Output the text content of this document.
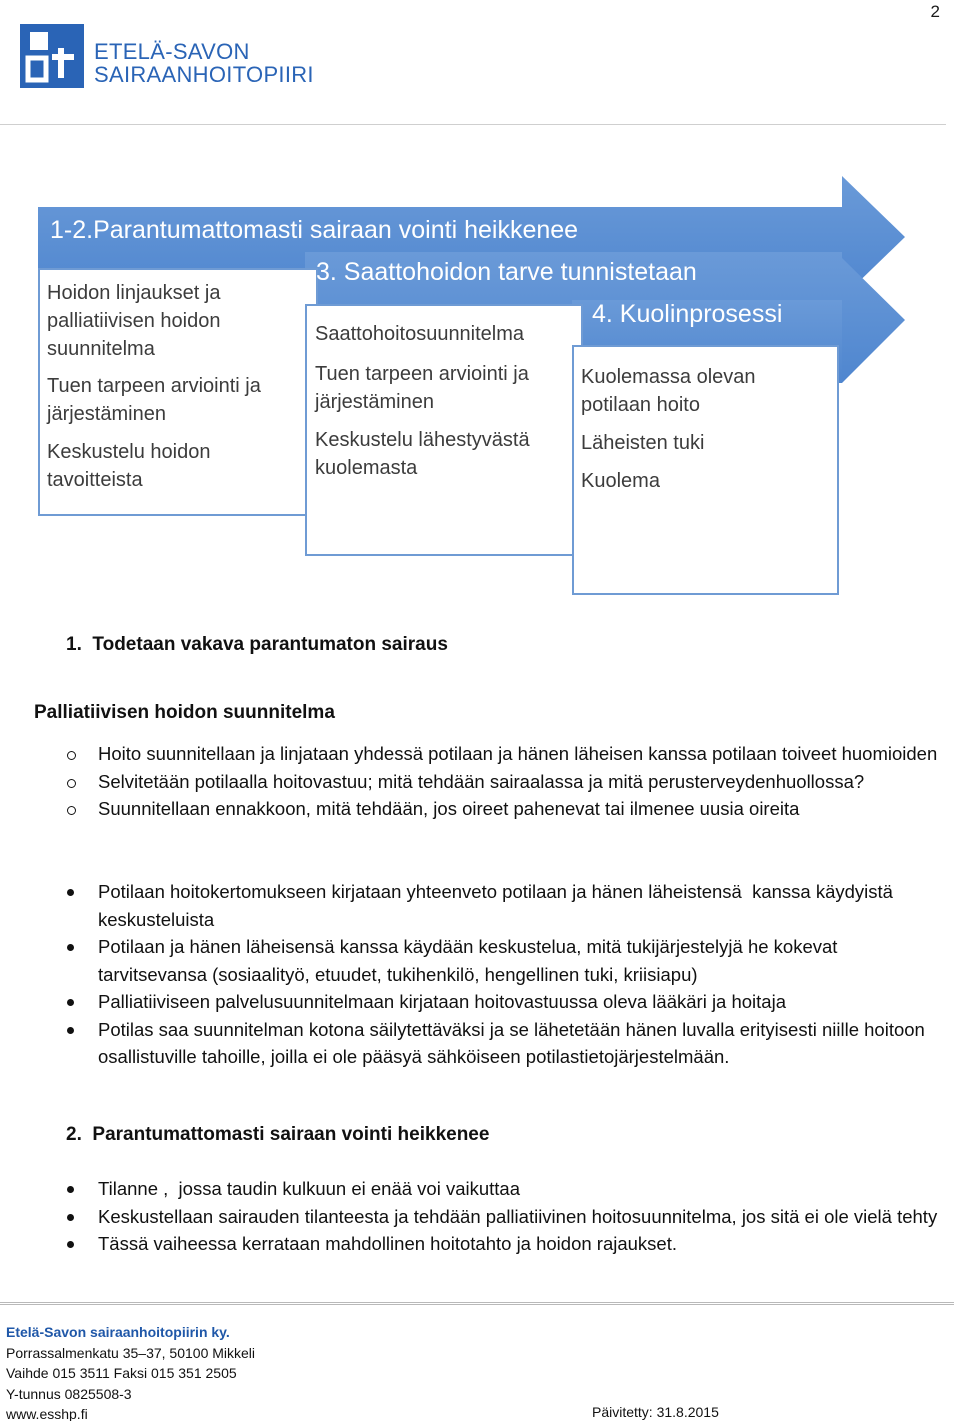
2
ETELÄ-SAVON
SAIRAANHOITOPIIRI
1-2.Parantumattomasti sairaan vointi heikkenee
Hoidon linjaukset ja palliatiivisen hoidon suunnitelma
Tuen tarpeen arviointi ja järjestäminen
Keskustelu hoidon tavoitteista
3. Saattohoidon tarve tunnistetaan
Saattohoitosuunnitelma
Tuen tarpeen arviointi ja järjestäminen
Keskustelu lähestyvästä kuolemasta
4. Kuolinprosessi
Kuolemassa olevan potilaan hoito
Läheisten tuki
Kuolema
1.  Todetaan vakava parantumaton sairaus
Palliatiivisen hoidon suunnitelma
Hoito suunnitellaan ja linjataan yhdessä potilaan ja hänen läheisen kanssa potilaan toiveet huomioiden
Selvitetään potilaalla hoitovastuu; mitä tehdään sairaalassa ja mitä perusterveydenhuollossa?
Suunnitellaan ennakkoon, mitä tehdään, jos oireet pahenevat tai ilmenee uusia oireita
Potilaan hoitokertomukseen kirjataan yhteenveto potilaan ja hänen läheistensä  kanssa käydyistä keskusteluista
Potilaan ja hänen läheisensä kanssa käydään keskustelua, mitä tukijärjestelyjä he kokevat tarvitsevansa (sosiaalityö, etuudet, tukihenkilö, hengellinen tuki, kriisiapu)
Palliatiiviseen palvelusuunnitelmaan kirjataan hoitovastuussa oleva lääkäri ja hoitaja
Potilas saa suunnitelman kotona säilytettäväksi ja se lähetetään hänen luvalla erityisesti niille hoitoon osallistuville tahoille, joilla ei ole pääsyä sähköiseen potilastietojärjestelmään.
2.  Parantumattomasti sairaan vointi heikkenee
Tilanne ,  jossa taudin kulkuun ei enää voi vaikuttaa
Keskustellaan sairauden tilanteesta ja tehdään palliatiivinen hoitosuunnitelma, jos sitä ei ole vielä tehty
Tässä vaiheessa kerrataan mahdollinen hoitotahto ja hoidon rajaukset.
Etelä-Savon sairaanhoitopiirin ky.
Porrassalmenkatu 35–37, 50100 Mikkeli
Vaihde 015 3511 Faksi 015 351 2505
Y-tunnus 0825508-3
www.esshp.fi	Päivitetty: 31.8.2015
